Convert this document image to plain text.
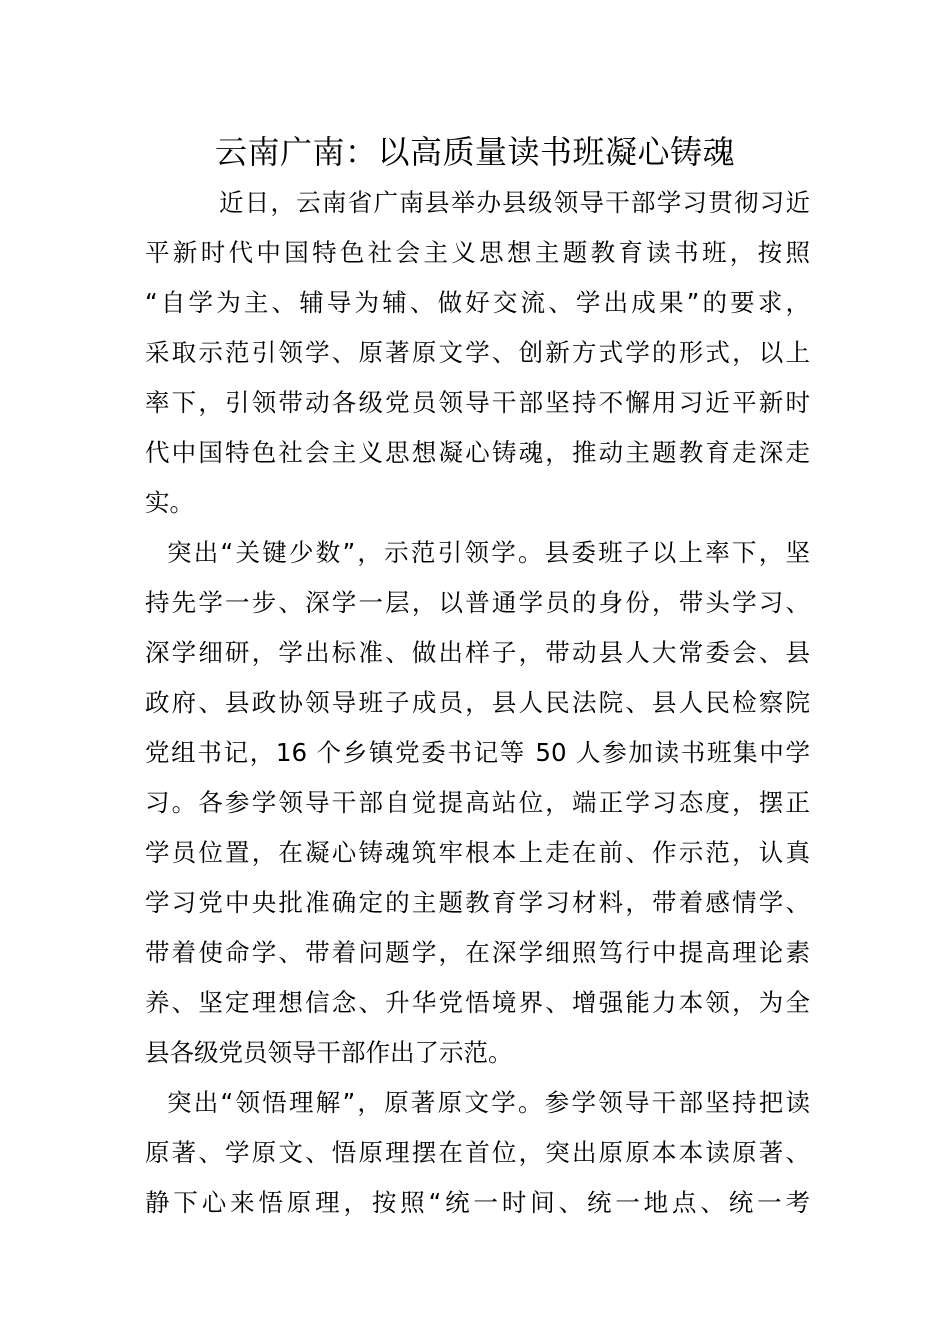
云南广南：以高质量读书班凝心铸魂
近日，云南省广南县举办县级领导干部学习贯彻习近
平新时代中国特色社会主义思想主题教育读书班，按照
“自学为主、辅导为辅、做好交流、学出成果”的要求，
采取示范引领学、原著原文学、创新方式学的形式，以上
率下，引领带动各级党员领导干部坚持不懈用习近平新时
代中国特色社会主义思想凝心铸魂，推动主题教育走深走
实。
突出“关键少数”，示范引领学。县委班子以上率下，坚
持先学一步、深学一层，以普通学员的身份，带头学习、
深学细研，学出标准、做出样子，带动县人大常委会、县
政府、县政协领导班子成员，县人民法院、县人民检察院
党组书记，16 个乡镇党委书记等 50 人参加读书班集中学
习。各参学领导干部自觉提高站位，端正学习态度，摆正
学员位置，在凝心铸魂筑牢根本上走在前、作示范，认真
学习党中央批准确定的主题教育学习材料，带着感情学、
带着使命学、带着问题学，在深学细照笃行中提高理论素
养、坚定理想信念、升华党悟境界、增强能力本领，为全
县各级党员领导干部作出了示范。
突出“领悟理解”，原著原文学。参学领导干部坚持把读
原著、学原文、悟原理摆在首位，突出原原本本读原著、
静下心来悟原理，按照“统一时间、统一地点、统一考
